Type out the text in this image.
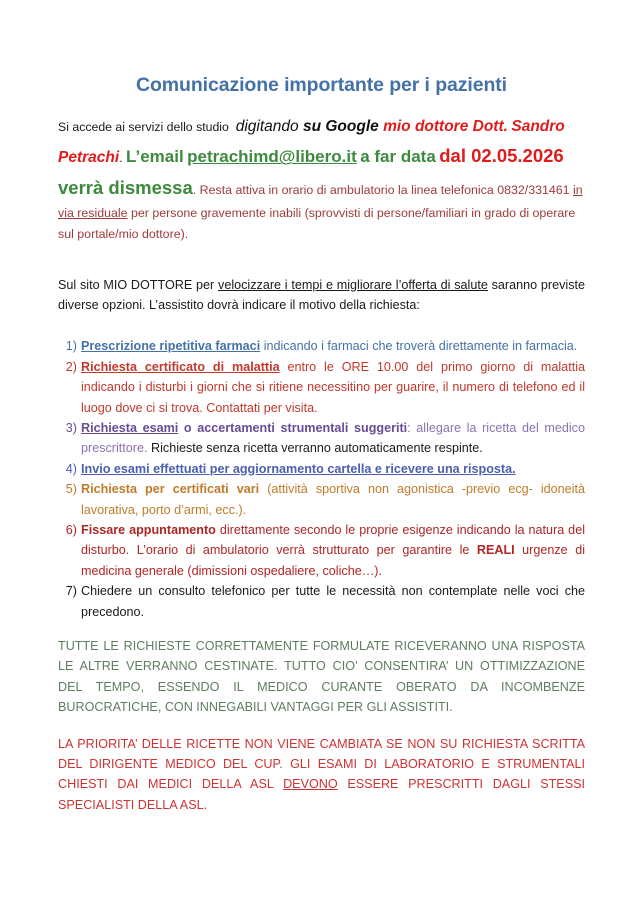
Comunicazione importante per i pazienti

Si accede ai servizi dello studio digitando su Google mio dottore Dott. Sandro Petrachi. L’email petrachimd@libero.it a far data dal 02.05.2026 verrà dismessa. Resta attiva in orario di ambulatorio la linea telefonica 0832/331461 in via residuale per persone gravemente inabili (sprovvisti di persone/familiari in grado di operare sul portale/mio dottore).

Sul sito MIO DOTTORE per velocizzare i tempi e migliorare l’offerta di salute saranno previste diverse opzioni. L’assistito dovrà indicare il motivo della richiesta:

1) Prescrizione ripetitiva farmaci indicando i farmaci che troverà direttamente in farmacia.
2) Richiesta certificato di malattia entro le ORE 10.00 del primo giorno di malattia indicando i disturbi i giorni che si ritiene necessitino per guarire, il numero di telefono ed il luogo dove ci si trova. Contattati per visita.
3) Richiesta esami o accertamenti strumentali suggeriti: allegare la ricetta del medico prescrittore. Richieste senza ricetta verranno automaticamente respinte.
4) Invio esami effettuati per aggiornamento cartella e ricevere una risposta.
5) Richiesta per certificati vari (attività sportiva non agonistica -previo ecg- idoneità lavorativa, porto d’armi, ecc.).
6) Fissare appuntamento direttamente secondo le proprie esigenze indicando la natura del disturbo. L’orario di ambulatorio verrà strutturato per garantire le REALI urgenze di medicina generale (dimissioni ospedaliere, coliche…).
7) Chiedere un consulto telefonico per tutte le necessità non contemplate nelle voci che precedono.

TUTTE LE RICHIESTE CORRETTAMENTE FORMULATE RICEVERANNO UNA RISPOSTA LE ALTRE VERRANNO CESTINATE. TUTTO CIO’ CONSENTIRA’ UN OTTIMIZZAZIONE DEL TEMPO, ESSENDO IL MEDICO CURANTE OBERATO DA INCOMBENZE BUROCRATICHE, CON INNEGABILI VANTAGGI PER GLI ASSISTITI.

LA PRIORITA’ DELLE RICETTE NON VIENE CAMBIATA SE NON SU RICHIESTA SCRITTA DEL DIRIGENTE MEDICO DEL CUP. GLI ESAMI DI LABORATORIO E STRUMENTALI CHIESTI DAI MEDICI DELLA ASL DEVONO ESSERE PRESCRITTI DAGLI STESSI SPECIALISTI DELLA ASL.
